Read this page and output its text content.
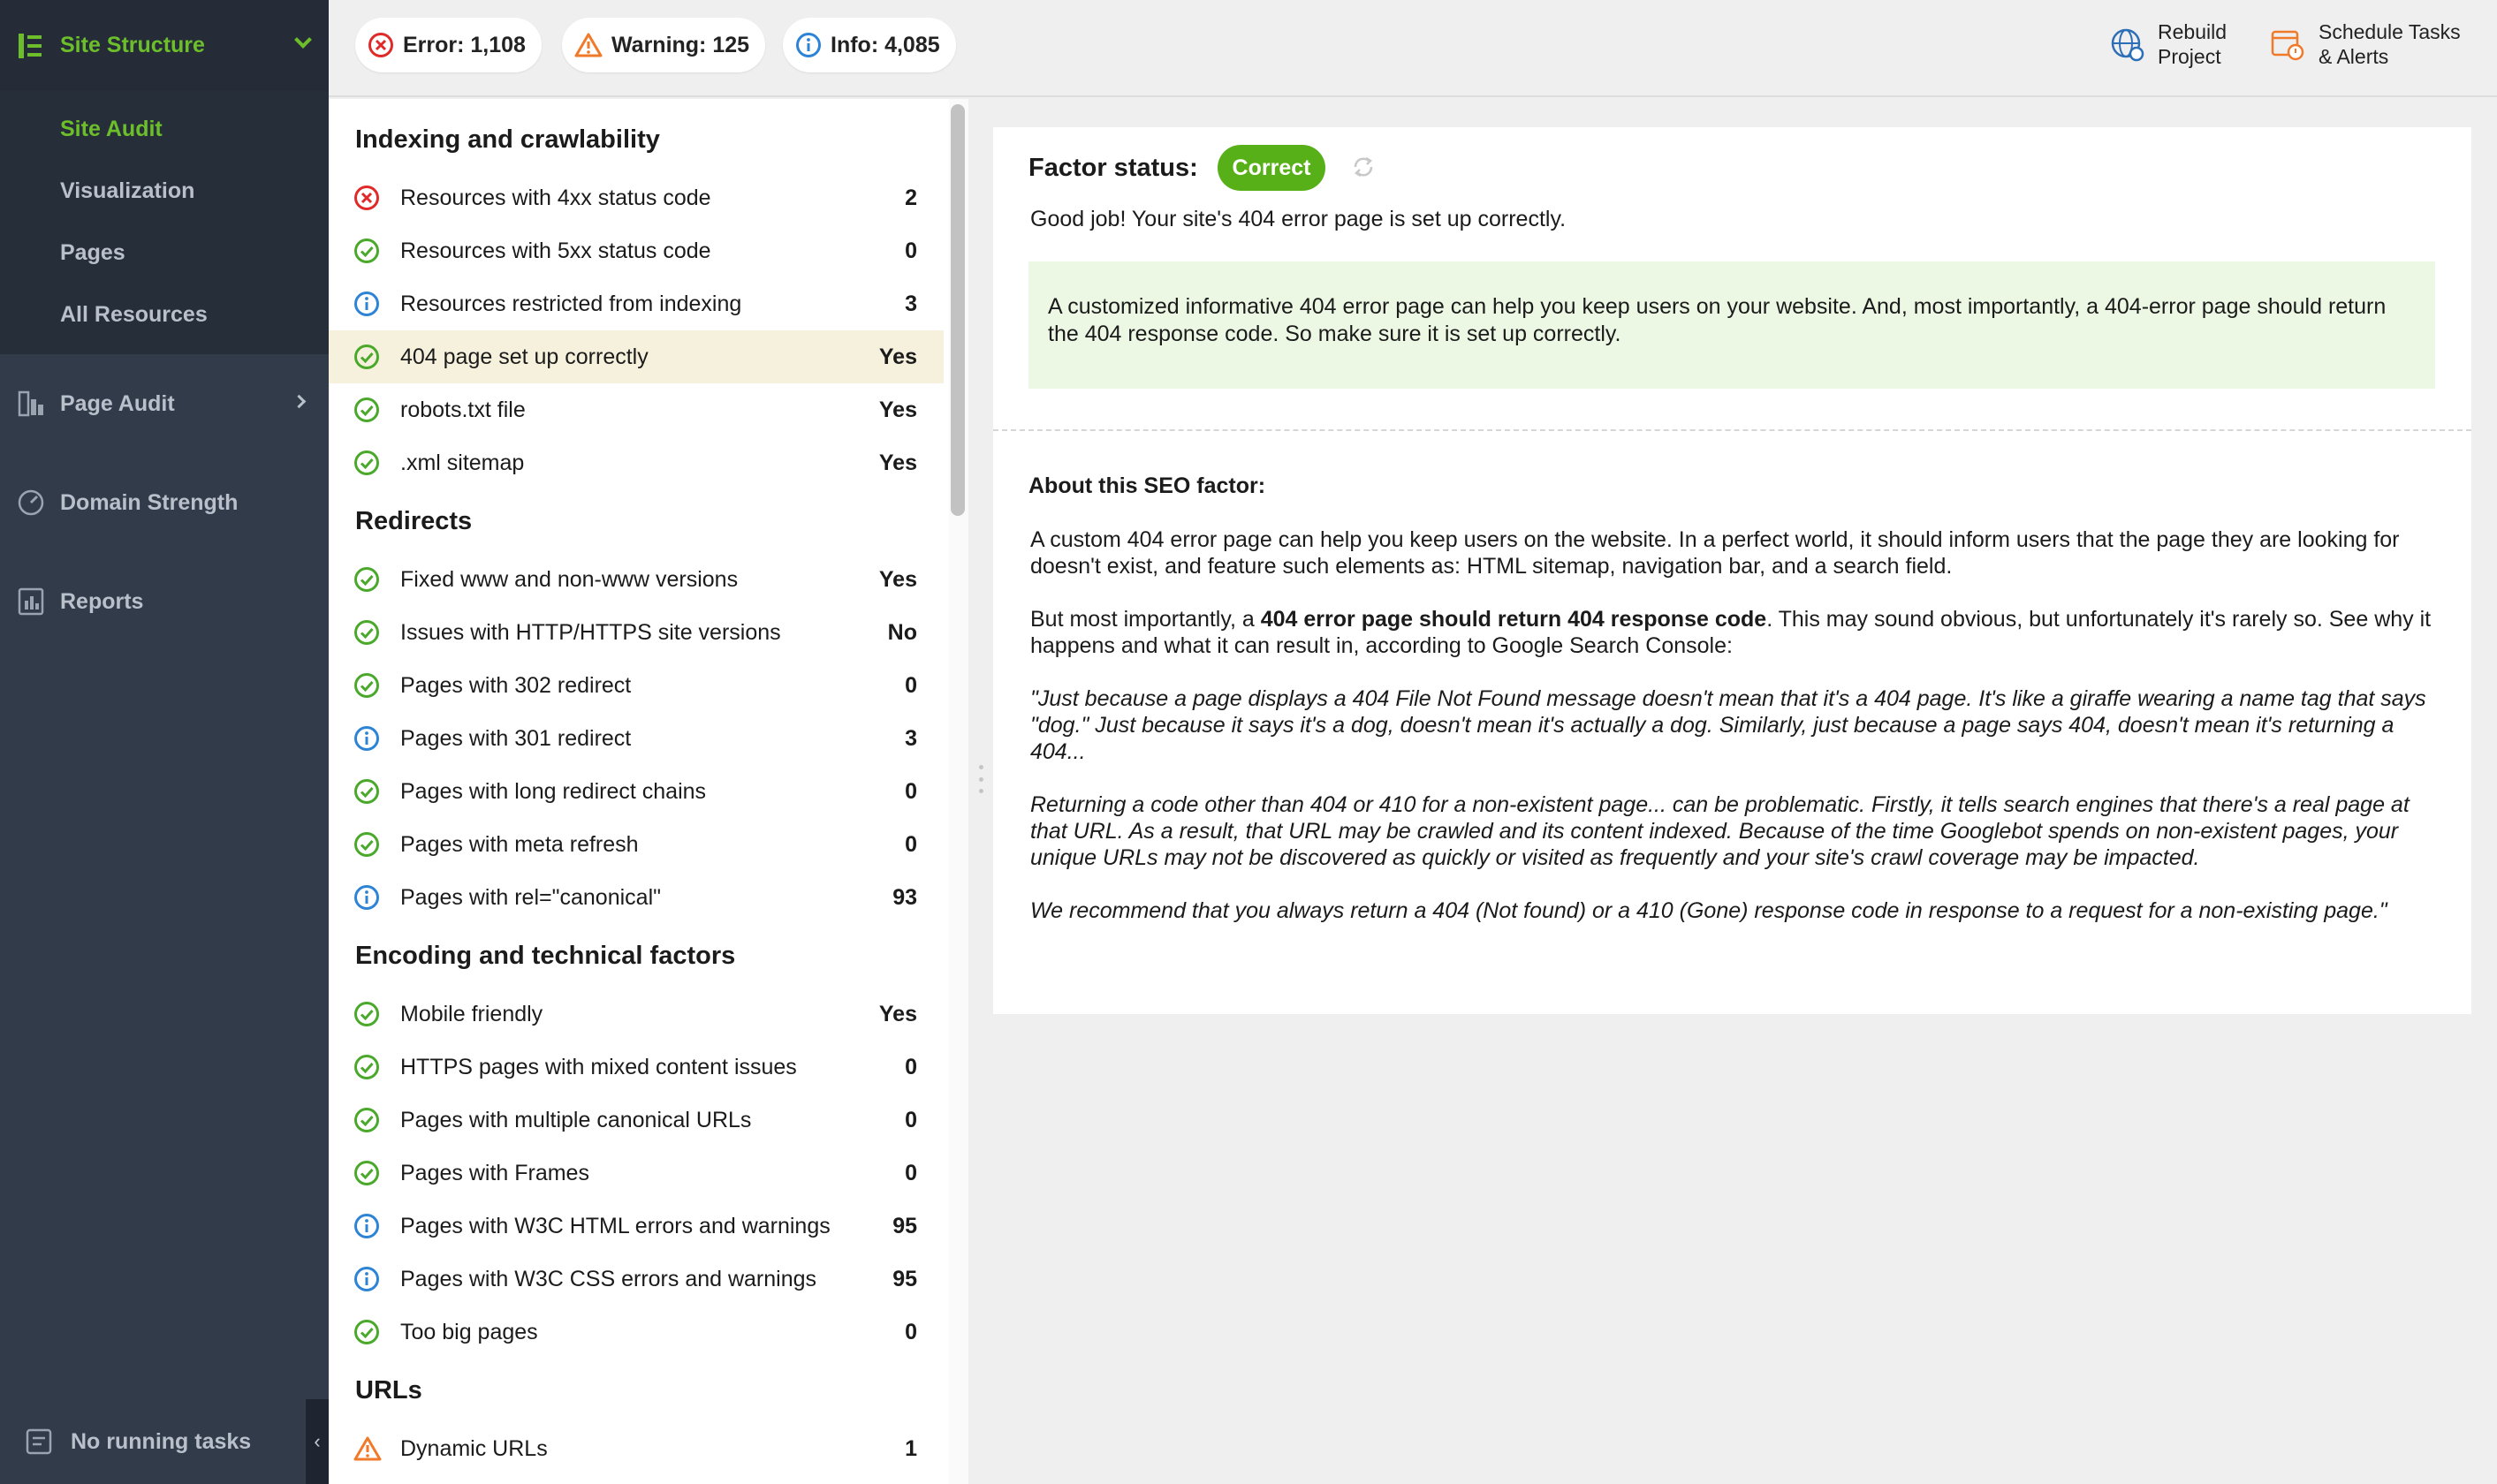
Site Structure
Site Audit
Visualization
Pages
All Resources
Page Audit
Domain Strength
Reports
No running tasks	‹
Error: 1,108	Warning: 125	Info: 4,085
Rebuild
Project
Schedule Tasks
& Alerts
Indexing and crawlability
Resources with 4xx status code	2
Resources with 5xx status code	0
Resources restricted from indexing	3
404 page set up correctly	Yes
robots.txt file	Yes
.xml sitemap	Yes
Redirects
Fixed www and non-www versions	Yes
Issues with HTTP/HTTPS site versions	No
Pages with 302 redirect	0
Pages with 301 redirect	3
Pages with long redirect chains	0
Pages with meta refresh	0
Pages with rel="canonical"	93
Encoding and technical factors
Mobile friendly	Yes
HTTPS pages with mixed content issues	0
Pages with multiple canonical URLs	0
Pages with Frames	0
Pages with W3C HTML errors and warnings	95
Pages with W3C CSS errors and warnings	95
Too big pages	0
URLs
Dynamic URLs	1
Factor status:	Correct
Good job! Your site's 404 error page is set up correctly.
A customized informative 404 error page can help you keep users on your website. And, most importantly, a 404-error page should return the 404 response code. So make sure it is set up correctly.
About this SEO factor:
A custom 404 error page can help you keep users on the website. In a perfect world, it should inform users that the page they are looking for doesn't exist, and feature such elements as: HTML sitemap, navigation bar, and a search field.
But most importantly, a 404 error page should return 404 response code. This may sound obvious, but unfortunately it's rarely so. See why it happens and what it can result in, according to Google Search Console:
"Just because a page displays a 404 File Not Found message doesn't mean that it's a 404 page. It's like a giraffe wearing a name tag that says "dog." Just because it says it's a dog, doesn't mean it's actually a dog. Similarly, just because a page says 404, doesn't mean it's returning a 404...
Returning a code other than 404 or 410 for a non-existent page... can be problematic. Firstly, it tells search engines that there's a real page at that URL. As a result, that URL may be crawled and its content indexed. Because of the time Googlebot spends on non-existent pages, your unique URLs may not be discovered as quickly or visited as frequently and your site's crawl coverage may be impacted.
We recommend that you always return a 404 (Not found) or a 410 (Gone) response code in response to a request for a non-existing page."
